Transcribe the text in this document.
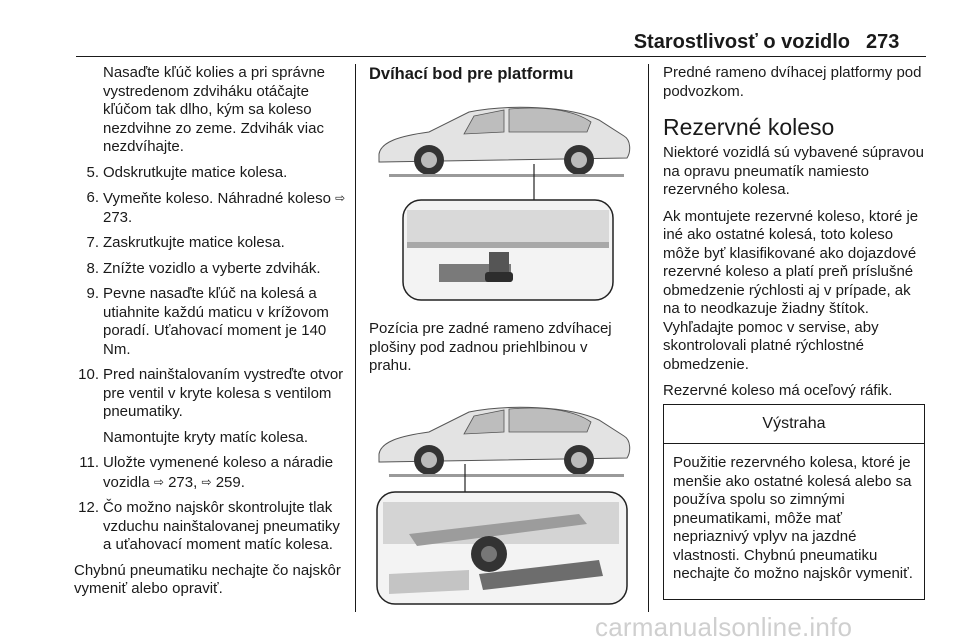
Starostlivosť o vozidlo 273

Nasaďte kľúč kolies a pri správne vystredenom zdviháku otáčajte kľúčom tak dlho, kým sa koleso nezdvihne zo zeme. Zdvihák viac nezdvíhajte.

5. Odskrutkujte matice kolesa.
6. Vymeňte koleso. Náhradné koleso ⇨ 273.
7. Zaskrutkujte matice kolesa.
8. Znížte vozidlo a vyberte zdvihák.
9. Pevne nasaďte kľúč na kolesá a utiahnite každú maticu v krížovom poradí. Uťahovací moment je 140 Nm.
10. Pred nainštalovaním vystreďte otvor pre ventil v kryte kolesa s ventilom pneumatiky.

Namontujte kryty matíc kolesa.

11. Uložte vymenené koleso a náradie vozidla ⇨ 273, ⇨ 259.
12. Čo možno najskôr skontrolujte tlak vzduchu nainštalovanej pneumatiky a uťahovací moment matíc kolesa.

Chybnú pneumatiku nechajte čo najskôr vymeniť alebo opraviť.

Dvíhací bod pre platformu

Pozícia pre zadné rameno zdvíhacej plošiny pod zadnou priehlbinou v prahu.

Predné rameno dvíhacej platformy pod podvozkom.

Rezervné koleso

Niektoré vozidlá sú vybavené súpravou na opravu pneumatík namiesto rezervného kolesa.

Ak montujete rezervné koleso, ktoré je iné ako ostatné kolesá, toto koleso môže byť klasifikované ako dojazdové rezervné koleso a platí preň príslušné obmedzenie rýchlosti aj v prípade, ak na to neodkazuje žiadny štítok. Vyhľadajte pomoc v servise, aby skontrolovali platné rýchlostné obmedzenie.

Rezervné koleso má oceľový ráfik.

Výstraha
Použitie rezervného kolesa, ktoré je menšie ako ostatné kolesá alebo sa používa spolu so zimnými pneumatikami, môže mať nepriaznivý vplyv na jazdné vlastnosti. Chybnú pneumatiku nechajte čo možno najskôr vymeniť.
carmanualsonline.info
